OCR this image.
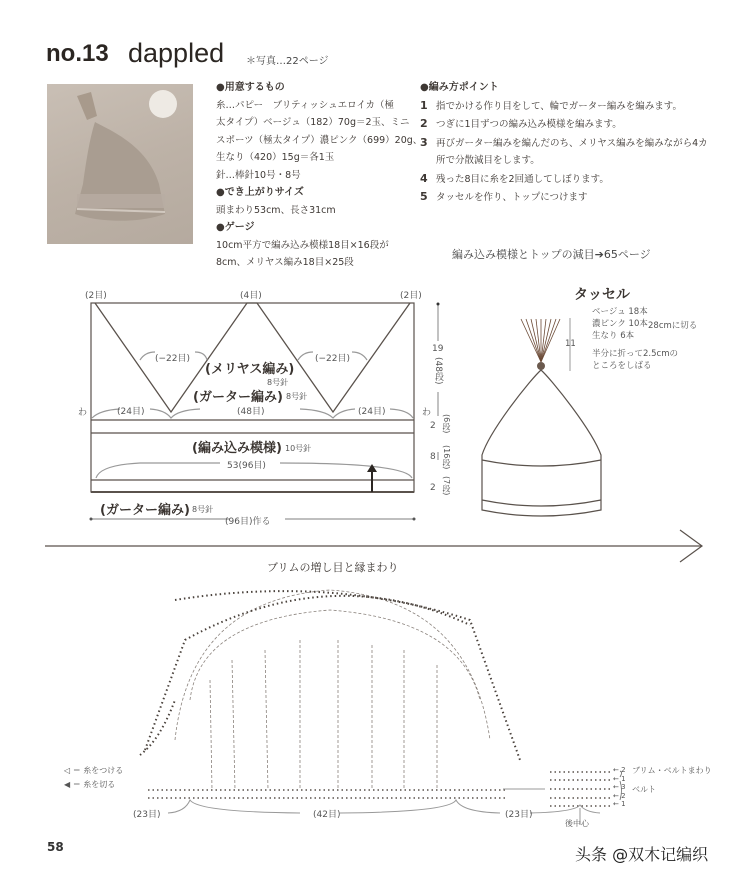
no.13 dappled ＊写真…22ページ
●用意するもの
糸…パピー　ブリティッシュエロイカ（極
太タイプ）ベージュ（182）70g＝2玉、ミニ
スポーツ（極太タイプ）濃ピンク（699）20g、
生なり（420）15g＝各1玉
針…棒針10号・8号
●でき上がりサイズ
頭まわり53cm、長さ31cm
●ゲージ
10cm平方で編み込み模様18目×16段が
8cm、メリヤス編み18目×25段
●編み方ポイント
1 指でかける作り目をして、輪でガーター編みを編みます。
2 つぎに1目ずつの編み込み模様を編みます。
3 再びガーター編みを編んだのち、メリヤス編みを編みながら4カ
所で分散減目をします。
4 残った8目に糸を2回通してしぼります。
5 タッセルを作り、トップにつけます
編み込み模様とトップの減目➔65ページ
(2目)	(4目)	(2目)
(−22目)	(−22目)
(メリヤス編み)
8号針
(ガーター編み) 8号針
わ	わ
(24目)	(48目)	(24目)
(編み込み模様) 10号針
53(96目)
(ガーター編み) 8号針
(96目)作る
19
(48段)
2 (6段)
8 (16段)
2 (7段)
タッセル
ベージュ 18本
濃ピンク 10本
生なり 6本
28cmに切る
11
半分に折って2.5cmの
ところをしばる
ブリムの増し目と縁まわり
◁ ＝ 糸をつける
◀ ＝ 糸を切る
(23目)	(42目)	(23目)
後中心
← 2
← 1
← 3
← 2
← 1
ブリム・ベルトまわり
ベルト
58	头条 @双木记编织
